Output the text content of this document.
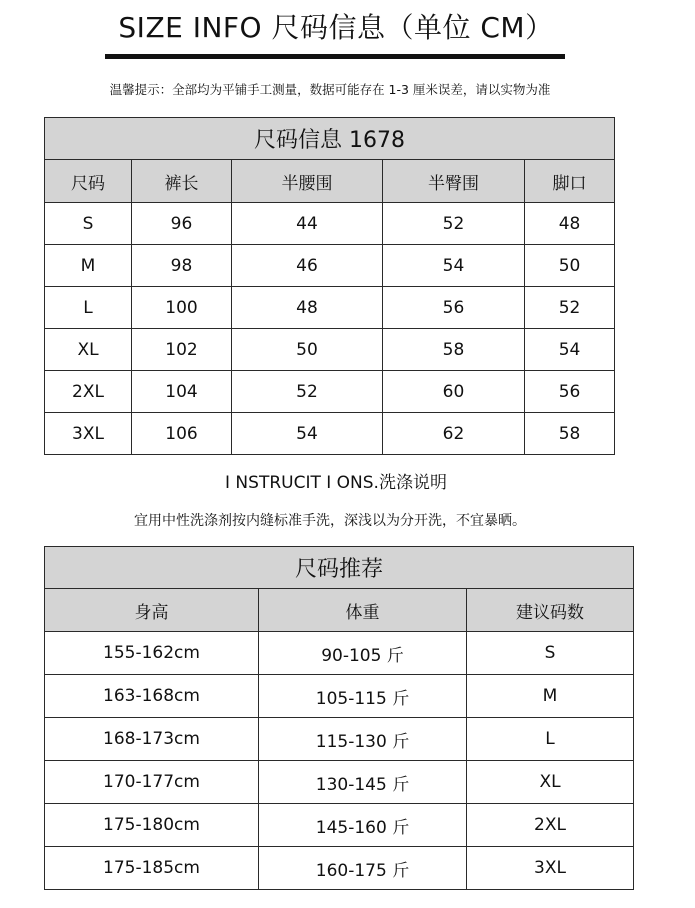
SIZE INFO 尺码信息（单位 CM）
温馨提示：全部均为平铺手工测量，数据可能存在 1-3 厘米误差，请以实物为准
尺码信息 1678				
尺码	裤长	半腰围	半臀围	脚口
S	96	44	52	48
M	98	46	54	50
L	100	48	56	52
XL	102	50	58	54
2XL	104	52	60	56
3XL	106	54	62	58
I NSTRUCIT I ONS.洗涤说明
宜用中性洗涤剂按内缝标准手洗，深浅以为分开洗，不宜暴晒。
尺码推荐		
身高	体重	建议码数
155-162cm	90-105 斤	S
163-168cm	105-115 斤	M
168-173cm	115-130 斤	L
170-177cm	130-145 斤	XL
175-180cm	145-160 斤	2XL
175-185cm	160-175 斤	3XL
